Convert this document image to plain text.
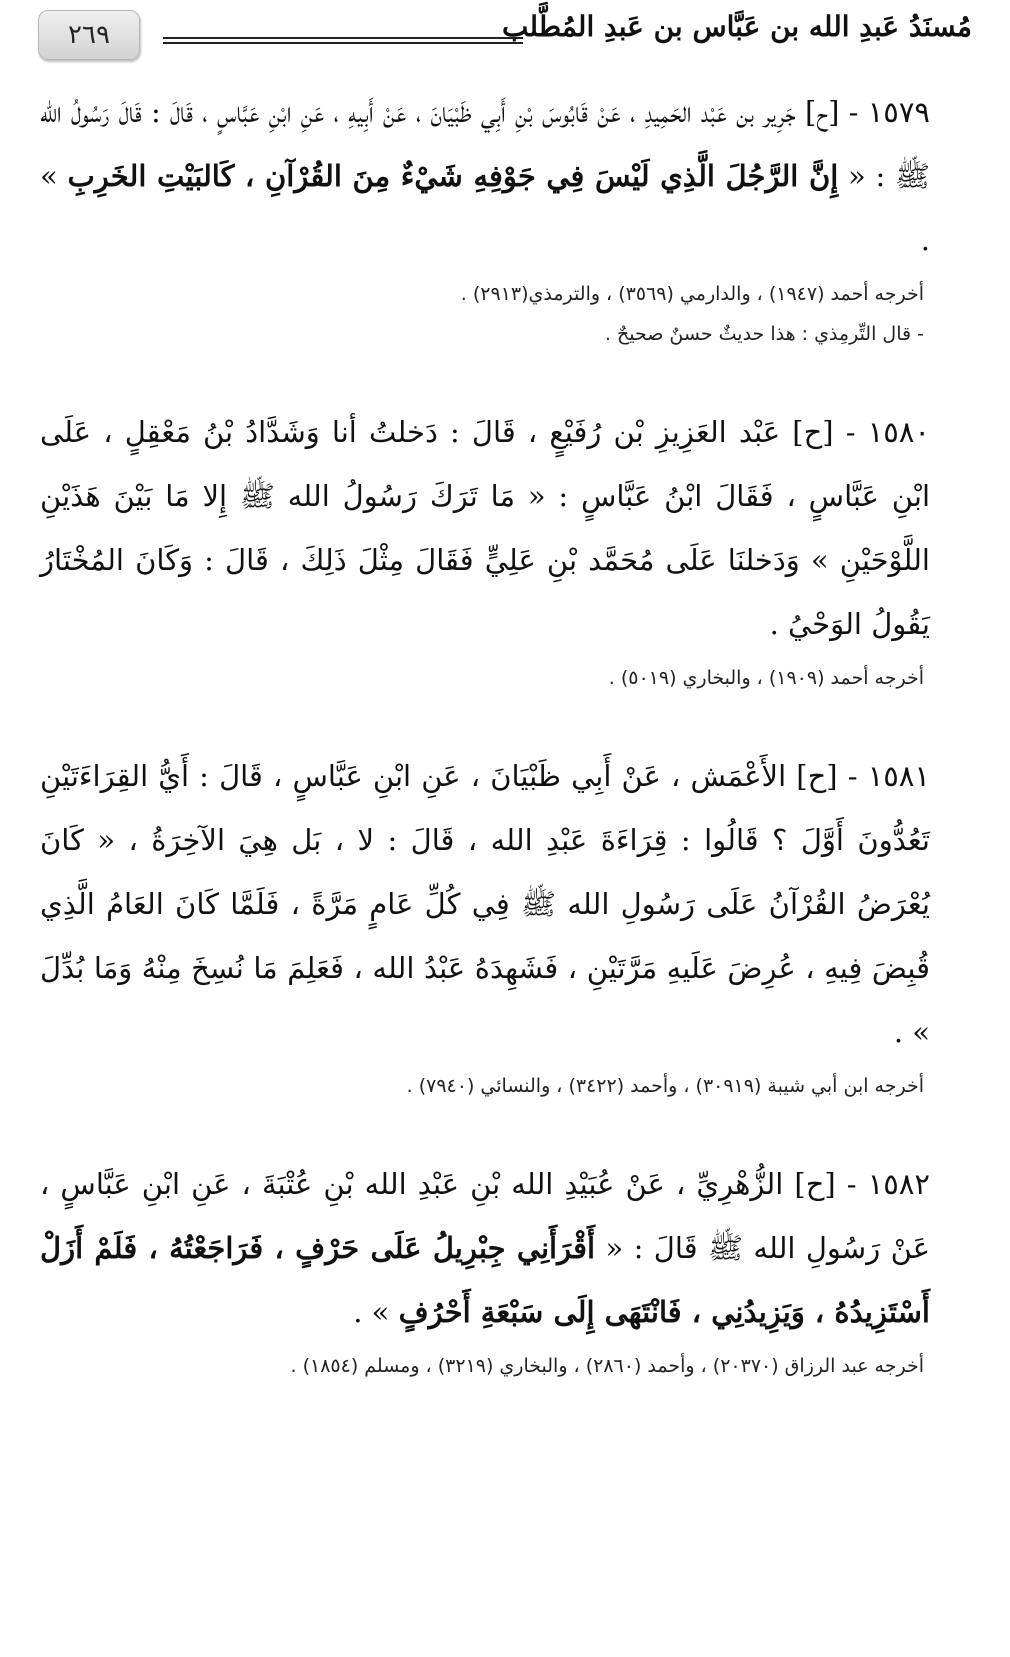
٢٦٩	مُسنَدُ عَبدِ الله بن عَبَّاس بن عَبدِ المُطَّلب

١٥٧٩ - [ح] جَرِير بن عَبْد الحَمِيدِ ، عَنْ قَابُوسَ بْنِ أَبِي ظَبْيَانَ ، عَنْ أَبِيهِ ، عَنِ ابْنِ عَبَّاسٍ ، قَالَ : قَالَ رَسُولُ الله ﷺ : « إِنَّ الرَّجُلَ الَّذِي لَيْسَ فِي جَوْفِهِ شَيْءٌ مِنَ القُرْآنِ ، كَالبَيْتِ الخَرِبِ » .

أخرجه أحمد (١٩٤٧) ، والدارمي (٣٥٦٩) ، والترمذي(٢٩١٣) .

- قال التِّرمِذي : هذا حديثٌ حسنٌ صحيحٌ .

١٥٨٠ - [ح] عَبْد العَزِيزِ بْن رُفَيْعٍ ، قَالَ : دَخلتُ أنا وَشَدَّادُ بْنُ مَعْقِلٍ ، عَلَى ابْنِ عَبَّاسٍ ، فَقَالَ ابْنُ عَبَّاسٍ : « مَا تَرَكَ رَسُولُ الله ﷺ إِلا مَا بَيْنَ هَذَيْنِ اللَّوْحَيْنِ » وَدَخلنَا عَلَى مُحَمَّد بْنِ عَلِيٍّ فَقَالَ مِثْلَ ذَلِكَ ، قَالَ : وَكَانَ المُخْتَارُ يَقُولُ الوَحْيُ .

أخرجه أحمد (١٩٠٩) ، والبخاري (٥٠١٩) .

١٥٨١ - [ح] الأَعْمَش ، عَنْ أَبِي ظَبْيَانَ ، عَنِ ابْنِ عَبَّاسٍ ، قَالَ : أَيُّ القِرَاءَتَيْنِ تَعُدُّونَ أَوَّلَ ؟ قَالُوا : قِرَاءَةَ عَبْدِ الله ، قَالَ : لا ، بَل هِيَ الآخِرَةُ ، « كَانَ يُعْرَضُ القُرْآنُ عَلَى رَسُولِ الله ﷺ فِي كُلِّ عَامٍ مَرَّةً ، فَلَمَّا كَانَ العَامُ الَّذِي قُبِضَ فِيهِ ، عُرِضَ عَلَيهِ مَرَّتَيْنِ ، فَشَهِدَهُ عَبْدُ الله ، فَعَلِمَ مَا نُسِخَ مِنْهُ وَمَا بُدِّلَ » .

أخرجه ابن أبي شيبة (٣٠٩١٩) ، وأحمد (٣٤٢٢) ، والنسائي (٧٩٤٠) .

١٥٨٢ - [ح] الزُّهْرِيِّ ، عَنْ عُبَيْدِ الله بْنِ عَبْدِ الله بْنِ عُتْبَةَ ، عَنِ ابْنِ عَبَّاسٍ ، عَنْ رَسُولِ الله ﷺ قَالَ : « أَقْرَأَنِي جِبْرِيلُ عَلَى حَرْفٍ ، فَرَاجَعْتُهُ ، فَلَمْ أَزَلْ أَسْتَزِيدُهُ ، وَيَزِيدُنِي ، فَانْتَهَى إِلَى سَبْعَةِ أَحْرُفٍ » .

أخرجه عبد الرزاق (٢٠٣٧٠) ، وأحمد (٢٨٦٠) ، والبخاري (٣٢١٩) ، ومسلم (١٨٥٤) .
